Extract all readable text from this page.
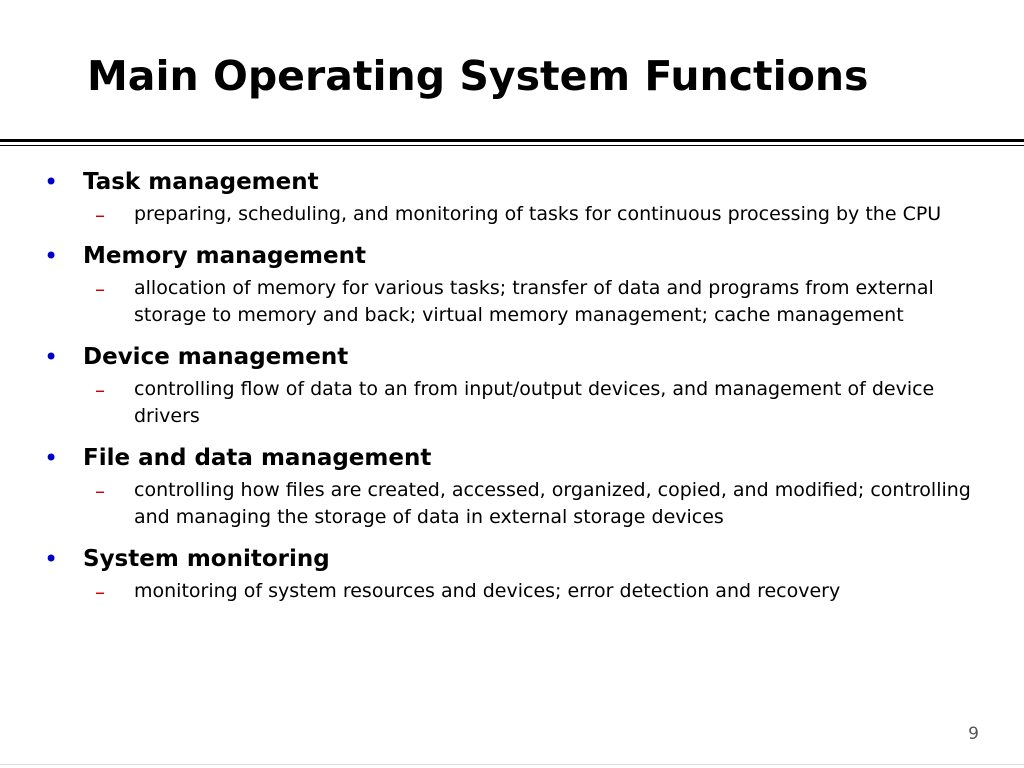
Main Operating System Functions
•	Task management

–	preparing, scheduling, and monitoring of tasks for continuous processing by the CPU

•	Memory management

–	allocation of memory for various tasks; transfer of data and programs from external storage to memory and back; virtual memory management; cache management

•	Device management

–	controlling flow of data to an from input/output devices, and management of device drivers

•	File and data management

–	controlling how files are created, accessed, organized, copied, and modified; controlling and managing the storage of data in external storage devices

•	System monitoring

–	monitoring of system resources and devices; error detection and recovery

9
